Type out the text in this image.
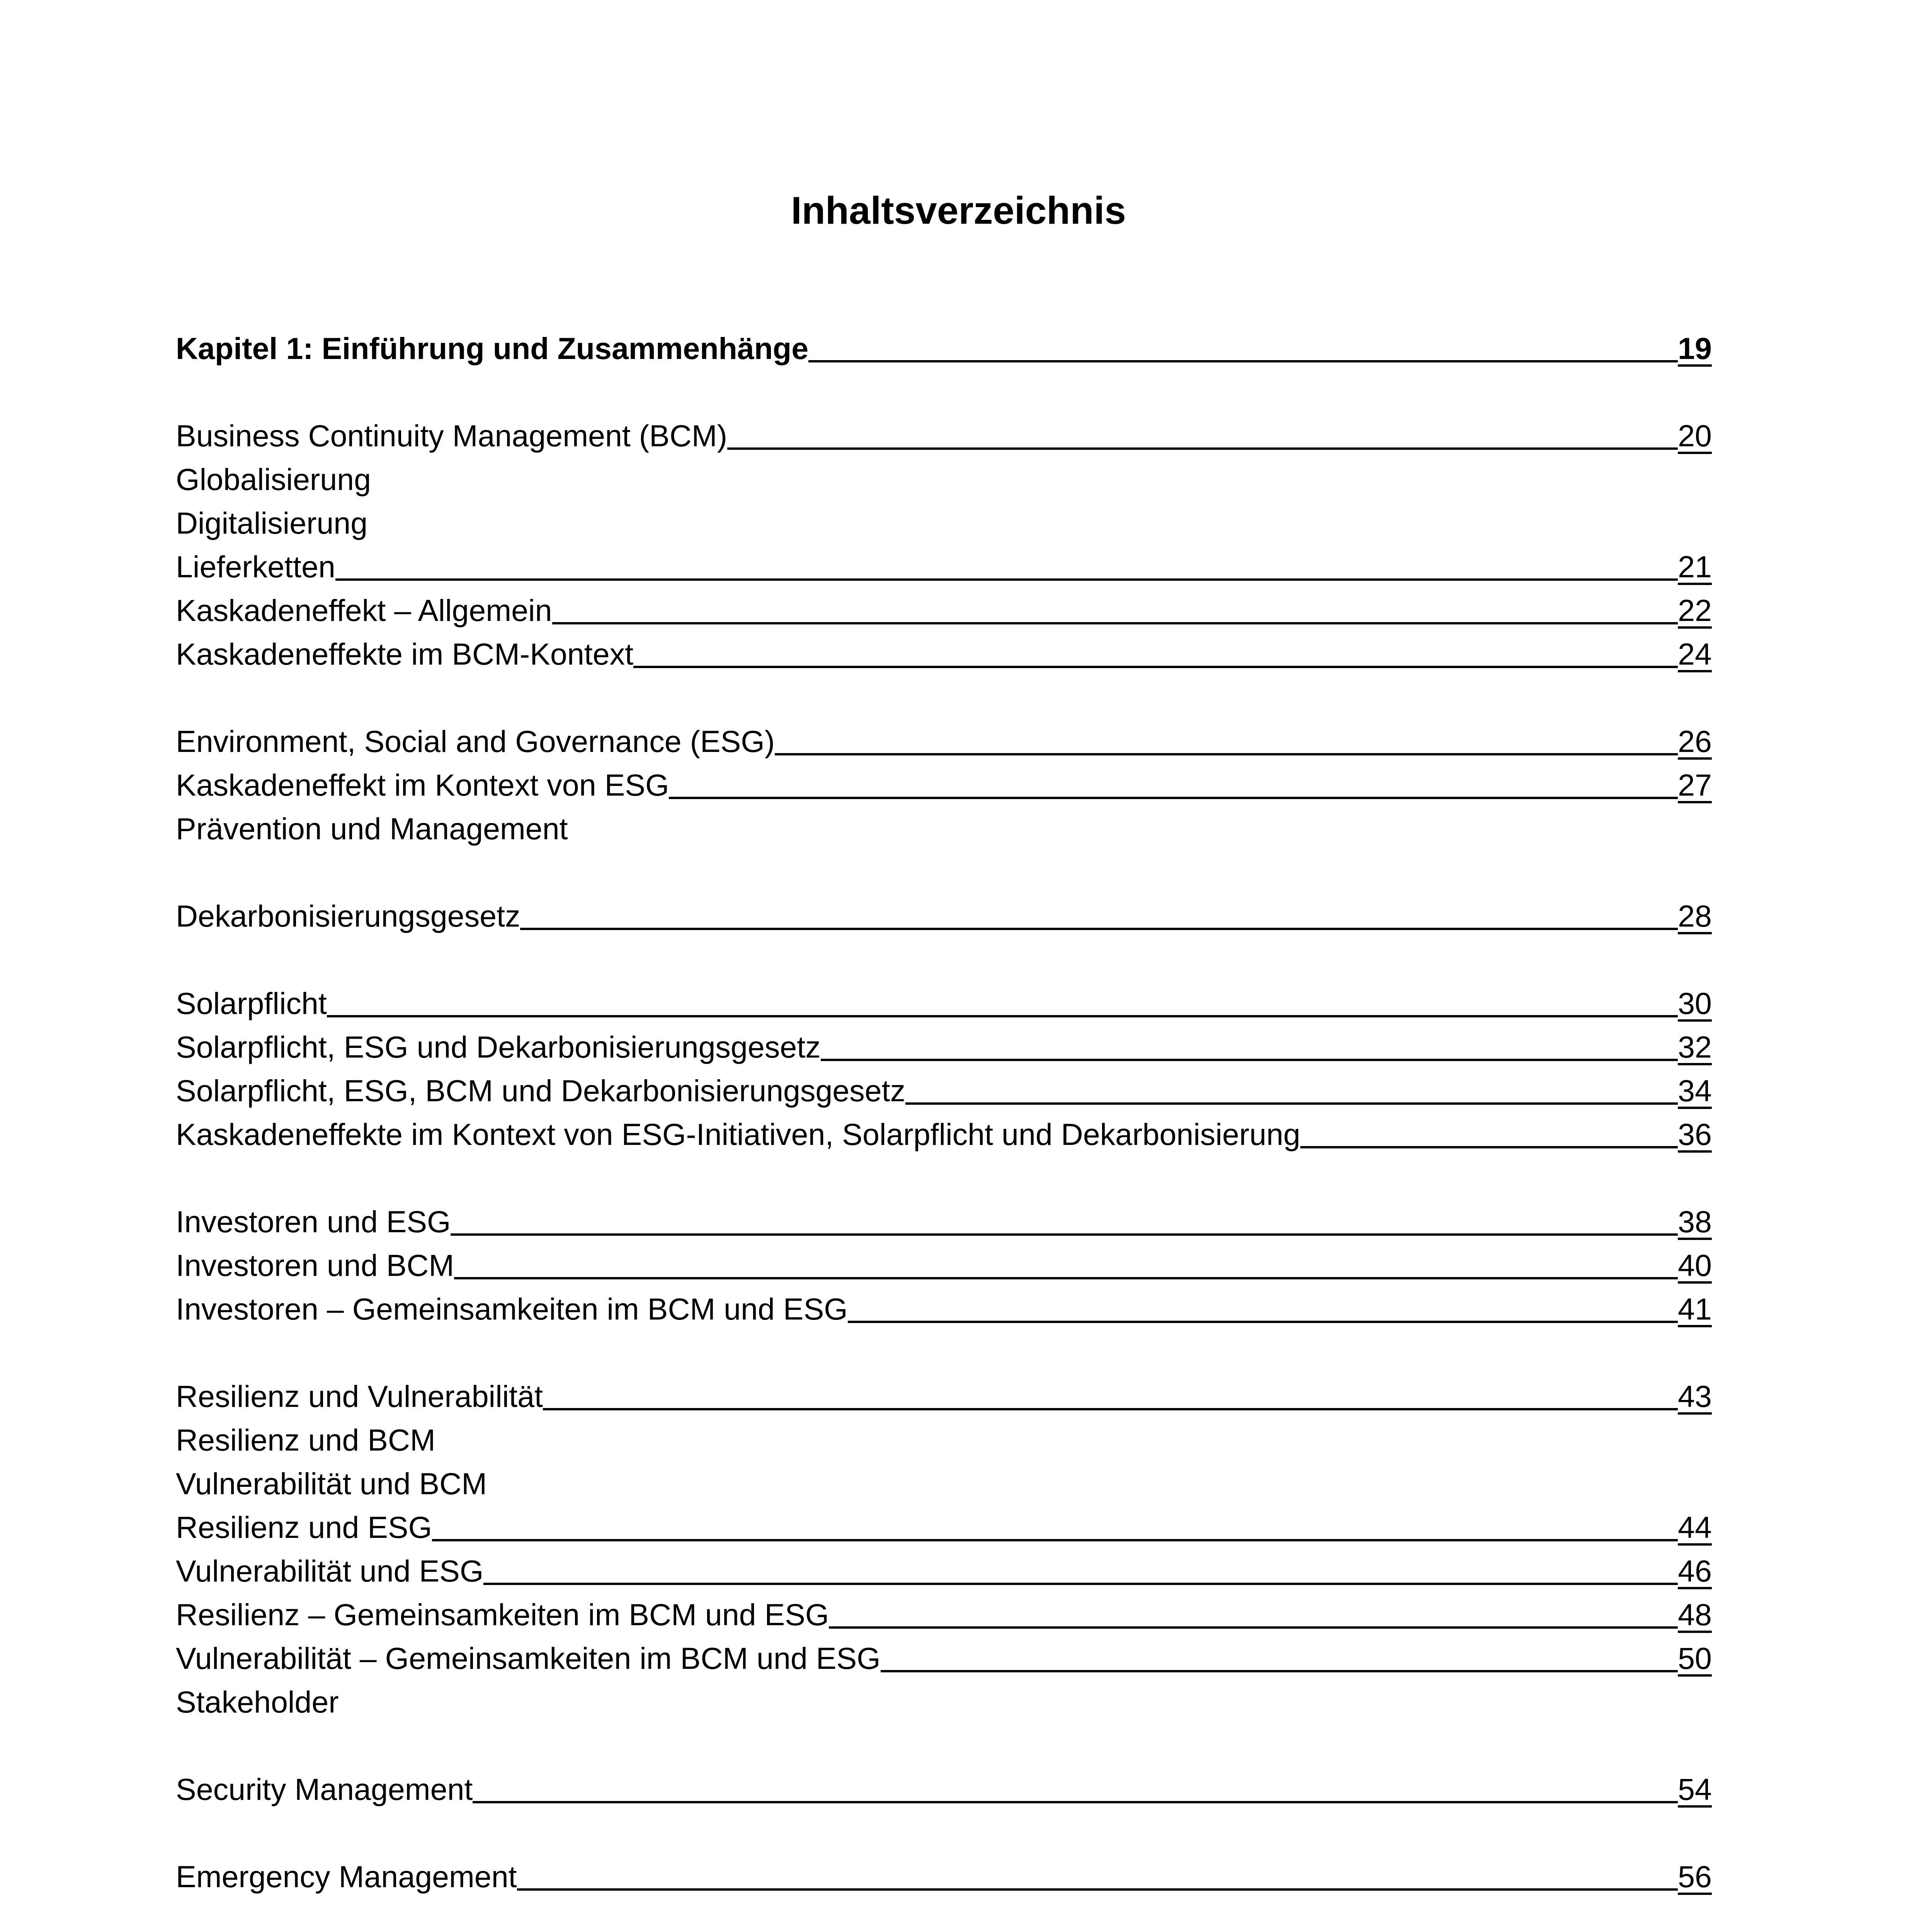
Inhaltsverzeichnis
Kapitel 1: Einführung und Zusammenhänge	19
Business Continuity Management (BCM)	20
Globalisierung
Digitalisierung
Lieferketten	21
Kaskadeneffekt – Allgemein	22
Kaskadeneffekte im BCM-Kontext	24
Environment, Social and Governance (ESG)	26
Kaskadeneffekt im Kontext von ESG	27
Prävention und Management
Dekarbonisierungsgesetz	28
Solarpflicht	30
Solarpflicht, ESG und Dekarbonisierungsgesetz	32
Solarpflicht, ESG, BCM und Dekarbonisierungsgesetz	34
Kaskadeneffekte im Kontext von ESG-Initiativen, Solarpflicht und Dekarbonisierung	36
Investoren und ESG	38
Investoren und BCM	40
Investoren – Gemeinsamkeiten im BCM und ESG	41
Resilienz und Vulnerabilität	43
Resilienz und BCM
Vulnerabilität und BCM
Resilienz und ESG	44
Vulnerabilität und ESG	46
Resilienz – Gemeinsamkeiten im BCM und ESG	48
Vulnerabilität – Gemeinsamkeiten im BCM und ESG	50
Stakeholder
Security Management	54
Emergency Management	56
